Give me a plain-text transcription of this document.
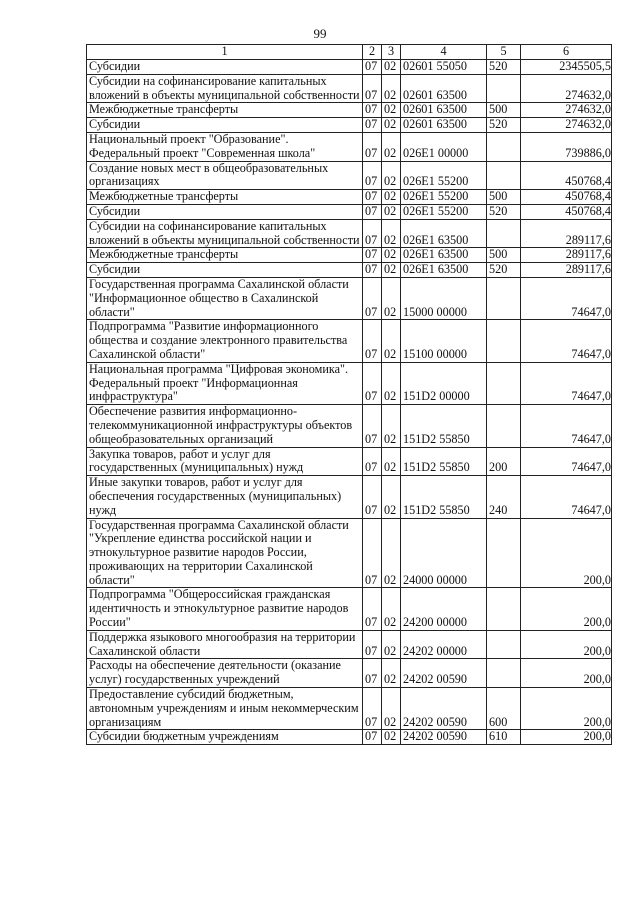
99
1	2	3	4	5	6
Субсидии	07	02	02601 55050	520	2345505,5
Субсидии на софинансирование капитальных вложений в объекты муниципальной собственности	07	02	02601 63500		274632,0
Межбюджетные трансферты	07	02	02601 63500	500	274632,0
Субсидии	07	02	02601 63500	520	274632,0
Национальный проект "Образование". Федеральный проект "Современная школа"	07	02	026E1 00000		739886,0
Создание новых мест в общеобразовательных организациях	07	02	026E1 55200		450768,4
Межбюджетные трансферты	07	02	026E1 55200	500	450768,4
Субсидии	07	02	026E1 55200	520	450768,4
Субсидии на софинансирование капитальных вложений в объекты муниципальной собственности	07	02	026E1 63500		289117,6
Межбюджетные трансферты	07	02	026E1 63500	500	289117,6
Субсидии	07	02	026E1 63500	520	289117,6
Государственная программа Сахалинской области "Информационное общество в Сахалинской области"	07	02	15000 00000		74647,0
Подпрограмма "Развитие информационного общества и создание электронного правительства Сахалинской области"	07	02	15100 00000		74647,0
Национальная программа "Цифровая экономика". Федеральный проект "Информационная инфраструктура"	07	02	151D2 00000		74647,0
Обеспечение развития информационно-телекоммуникационной инфраструктуры объектов общеобразовательных организаций	07	02	151D2 55850		74647,0
Закупка товаров, работ и услуг для государственных (муниципальных) нужд	07	02	151D2 55850	200	74647,0
Иные закупки товаров, работ и услуг для обеспечения государственных (муниципальных) нужд	07	02	151D2 55850	240	74647,0
Государственная программа Сахалинской области "Укрепление единства российской нации и этнокультурное развитие народов России, проживающих на территории Сахалинской области"	07	02	24000 00000		200,0
Подпрограмма "Общероссийская гражданская идентичность и этнокультурное развитие народов России"	07	02	24200 00000		200,0
Поддержка языкового многообразия на территории Сахалинской области	07	02	24202 00000		200,0
Расходы на обеспечение деятельности (оказание услуг) государственных учреждений	07	02	24202 00590		200,0
Предоставление субсидий бюджетным, автономным учреждениям и иным некоммерческим организациям	07	02	24202 00590	600	200,0
Субсидии бюджетным учреждениям	07	02	24202 00590	610	200,0
